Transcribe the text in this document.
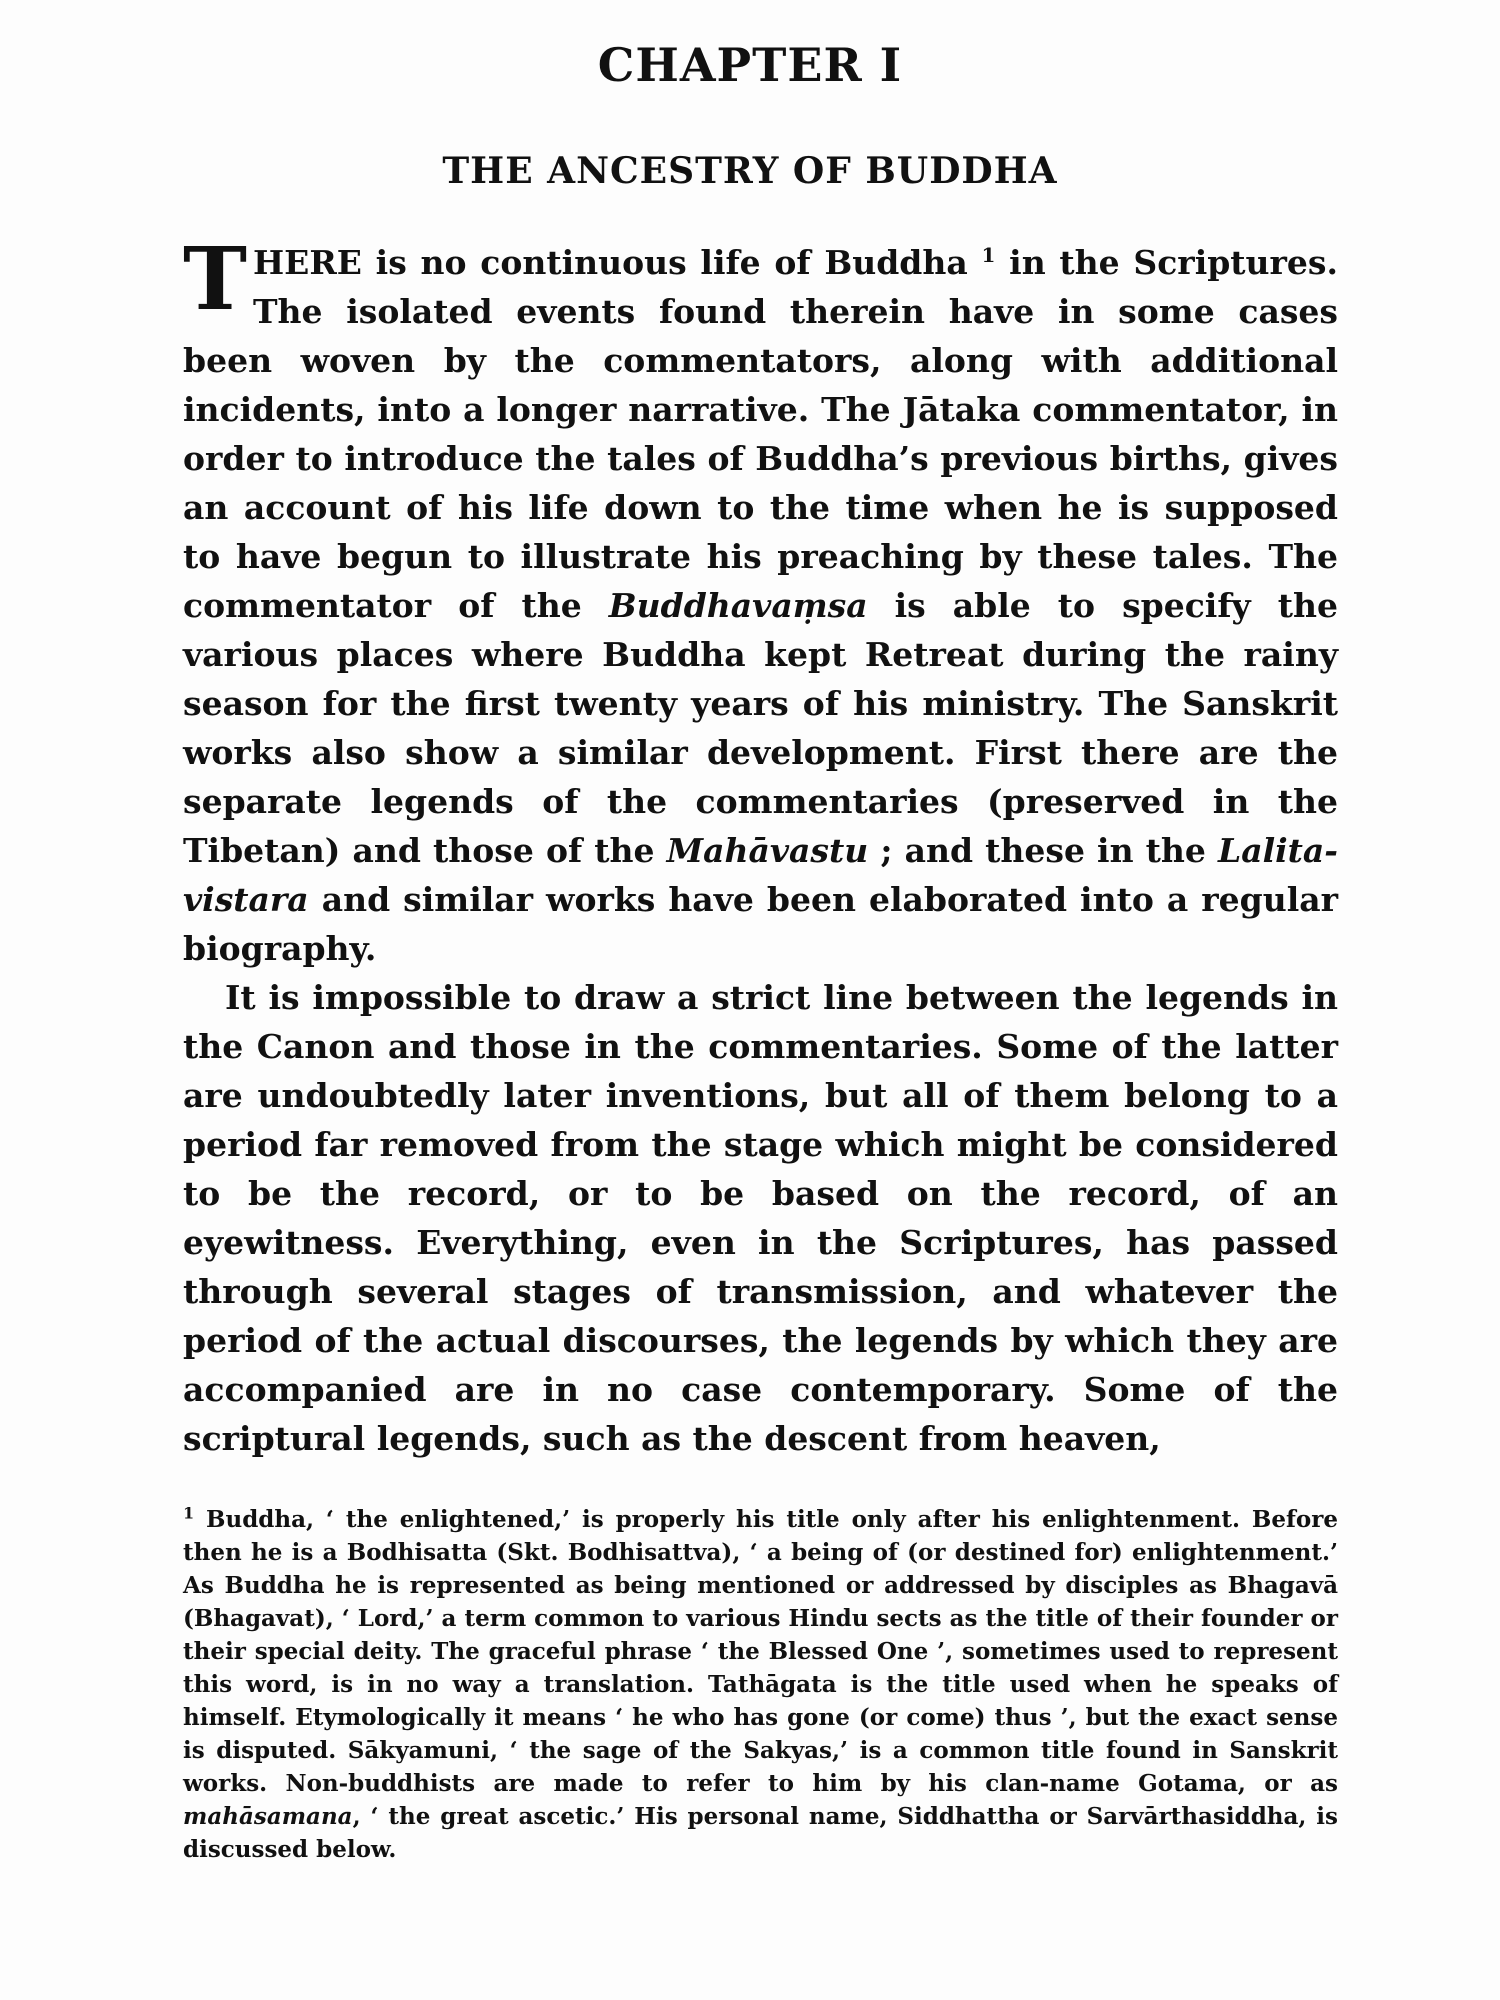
CHAPTER I
THE ANCESTRY OF BUDDHA

THERE is no continuous life of Buddha $^1$ in the Scriptures. The isolated events found therein have in some cases been woven by the commentators, along with additional incidents, into a longer narrative. The Jātaka commentator, in order to introduce the tales of Buddha’s previous births, gives an account of his life down to the time when he is supposed to have begun to illustrate his preaching by these tales. The commentator of the Buddhavaṃsa is able to specify the various places where Buddha kept Retreat during the rainy season for the first twenty years of his ministry. The Sanskrit works also show a similar development. First there are the separate legends of the commentaries (preserved in the Tibetan) and those of the Mahāvastu ; and these in the Lalita-vistara and similar works have been elaborated into a regular biography.

It is impossible to draw a strict line between the legends in the Canon and those in the commentaries. Some of the latter are undoubtedly later inventions, but all of them belong to a period far removed from the stage which might be considered to be the record, or to be based on the record, of an eyewitness. Everything, even in the Scriptures, has passed through several stages of transmission, and whatever the period of the actual discourses, the legends by which they are accompanied are in no case contemporary. Some of the scriptural legends, such as the descent from heaven,

$^1$ Buddha, ‘ the enlightened,’ is properly his title only after his enlightenment. Before then he is a Bodhisatta (Skt. Bodhisattva), ‘ a being of (or destined for) enlightenment.’ As Buddha he is represented as being mentioned or addressed by disciples as Bhagavā (Bhagavat), ‘ Lord,’ a term common to various Hindu sects as the title of their founder or their special deity. The graceful phrase ‘ the Blessed One ’, sometimes used to represent this word, is in no way a translation. Tathāgata is the title used when he speaks of himself. Etymologically it means ‘ he who has gone (or come) thus ’, but the exact sense is disputed. Sākyamuni, ‘ the sage of the Sakyas,’ is a common title found in Sanskrit works. Non-buddhists are made to refer to him by his clan-name Gotama, or as mahāsamana, ‘ the great ascetic.’ His personal name, Siddhattha or Sarvārthasiddha, is discussed below.
